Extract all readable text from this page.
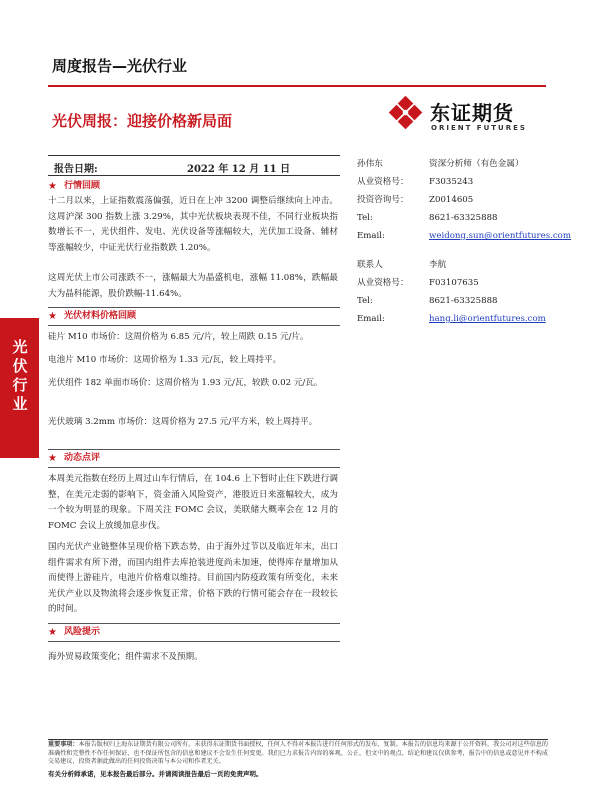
周度报告—光伏行业
光伏周报：迎接价格新局面	东证期货
ORIENT FUTURES
光伏行业
报告日期:	2022 年 12 月 11 日
★ 行情回顾
十二月以来，上证指数震荡偏强，近日在上冲 3200 调整后继续向上冲击。这周沪深 300 指数上涨 3.29%，其中光伏板块表现不佳，不同行业板块指数增长不一，光伏组件、发电、光伏设备等涨幅较大，光伏加工设备、辅材等涨幅较少，中证光伏行业指数跌 1.20%。
这周光伏上市公司涨跌不一，涨幅最大为晶盛机电，涨幅 11.08%，跌幅最大为晶科能源，股价跌幅-11.64%。
★ 光伏材料价格回顾
硅片 M10 市场价：这周价格为 6.85 元/片，较上周跌 0.15 元/片。
电池片 M10 市场价：这周价格为 1.33 元/瓦，较上周持平。
光伏组件 182 单面市场价：这周价格为 1.93 元/瓦，较跌 0.02 元/瓦。
光伏玻璃 3.2mm 市场价：这周价格为 27.5 元/平方米，较上周持平。
★ 动态点评
本周美元指数在经历上周过山车行情后，在 104.6 上下暂时止住下跌进行调整，在美元走弱的影响下，资金涌入风险资产，港股近日来涨幅较大，成为一个较为明显的现象。下周关注 FOMC 会议，美联储大概率会在 12 月的 FOMC 会议上放缓加息步伐。
国内光伏产业链整体呈现价格下跌态势，由于海外过节以及临近年末，出口组件需求有所下滑，而国内组件去库抢装进度尚未加速，使得库存量增加从而使得上游硅片，电池片价格难以维持。目前国内防疫政策有所变化，未来光伏产业以及物流将会逐步恢复正常，价格下跌的行情可能会存在一段较长的时间。
★ 风险提示
海外贸易政策变化；组件需求不及预期。
孙伟东	资深分析师（有色金属）
从业资格号： F3035243
投资咨询号： Z0014605
Tel:	8621-63325888
Email:	weidong.sun@orientfutures.com
联系人	李航
从业资格号： F03107635
Tel:	8621-63325888
Email:	hang.li@orientfutures.com
重要事项：本报告版权归上海东证期货有限公司所有。未获得东证期货书面授权，任何人不得对本报告进行任何形式的发布、复制。本报告的信息均来源于公开资料，我公司对这些信息的准确性和完整性不作任何保证，也不保证所包含的信息和建议不会发生任何变更。我们已力求报告内容的客观、公正，但文中的观点、结论和建议仅供参考，报告中的信息或意见并不构成交易建议，投资者据此做出的任何投资决策与本公司和作者无关。
有关分析师承诺，见本报告最后部分。并请阅读报告最后一页的免责声明。
